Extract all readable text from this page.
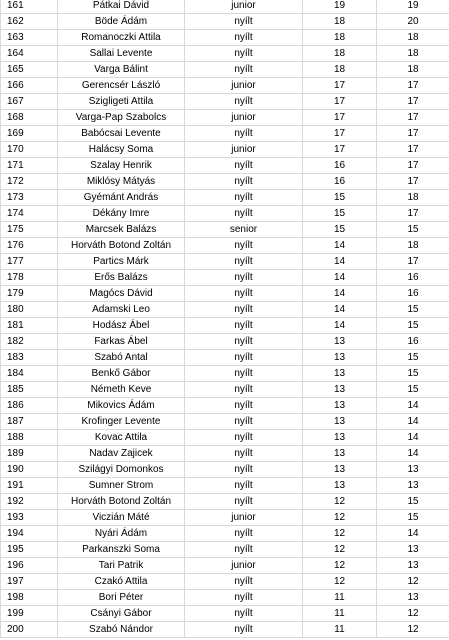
161	Pátkai Dávid	junior	19	19
162	Böde Ádám	nyílt	18	20
163	Romanoczki Attila	nyílt	18	18
164	Sallai Levente	nyílt	18	18
165	Varga Bálint	nyílt	18	18
166	Gerencsér László	junior	17	17
167	Szigligeti Attila	nyílt	17	17
168	Varga-Pap Szabolcs	junior	17	17
169	Babócsai Levente	nyílt	17	17
170	Halácsy Soma	junior	17	17
171	Szalay Henrik	nyílt	16	17
172	Miklósy Mátyás	nyílt	16	17
173	Gyémánt András	nyílt	15	18
174	Dékány Imre	nyílt	15	17
175	Marcsek Balázs	senior	15	15
176	Horváth Botond Zoltán	nyílt	14	18
177	Partics Márk	nyílt	14	17
178	Erős Balázs	nyílt	14	16
179	Magócs Dávid	nyílt	14	16
180	Adamski Leo	nyílt	14	15
181	Hodász Ábel	nyílt	14	15
182	Farkas Ábel	nyílt	13	16
183	Szabó Antal	nyílt	13	15
184	Benkő Gábor	nyílt	13	15
185	Németh Keve	nyílt	13	15
186	Mikovics Ádám	nyílt	13	14
187	Krofinger Levente	nyílt	13	14
188	Kovac Attila	nyílt	13	14
189	Nadav Zajicek	nyílt	13	14
190	Szilágyi Domonkos	nyílt	13	13
191	Sumner Strom	nyílt	13	13
192	Horváth Botond Zoltán	nyílt	12	15
193	Viczián Máté	junior	12	15
194	Nyári Ádám	nyílt	12	14
195	Parkanszki Soma	nyílt	12	13
196	Tari Patrik	junior	12	13
197	Czakó Attila	nyílt	12	12
198	Bori Péter	nyílt	11	13
199	Csányi Gábor	nyílt	11	12
200	Szabó Nándor	nyílt	11	12
